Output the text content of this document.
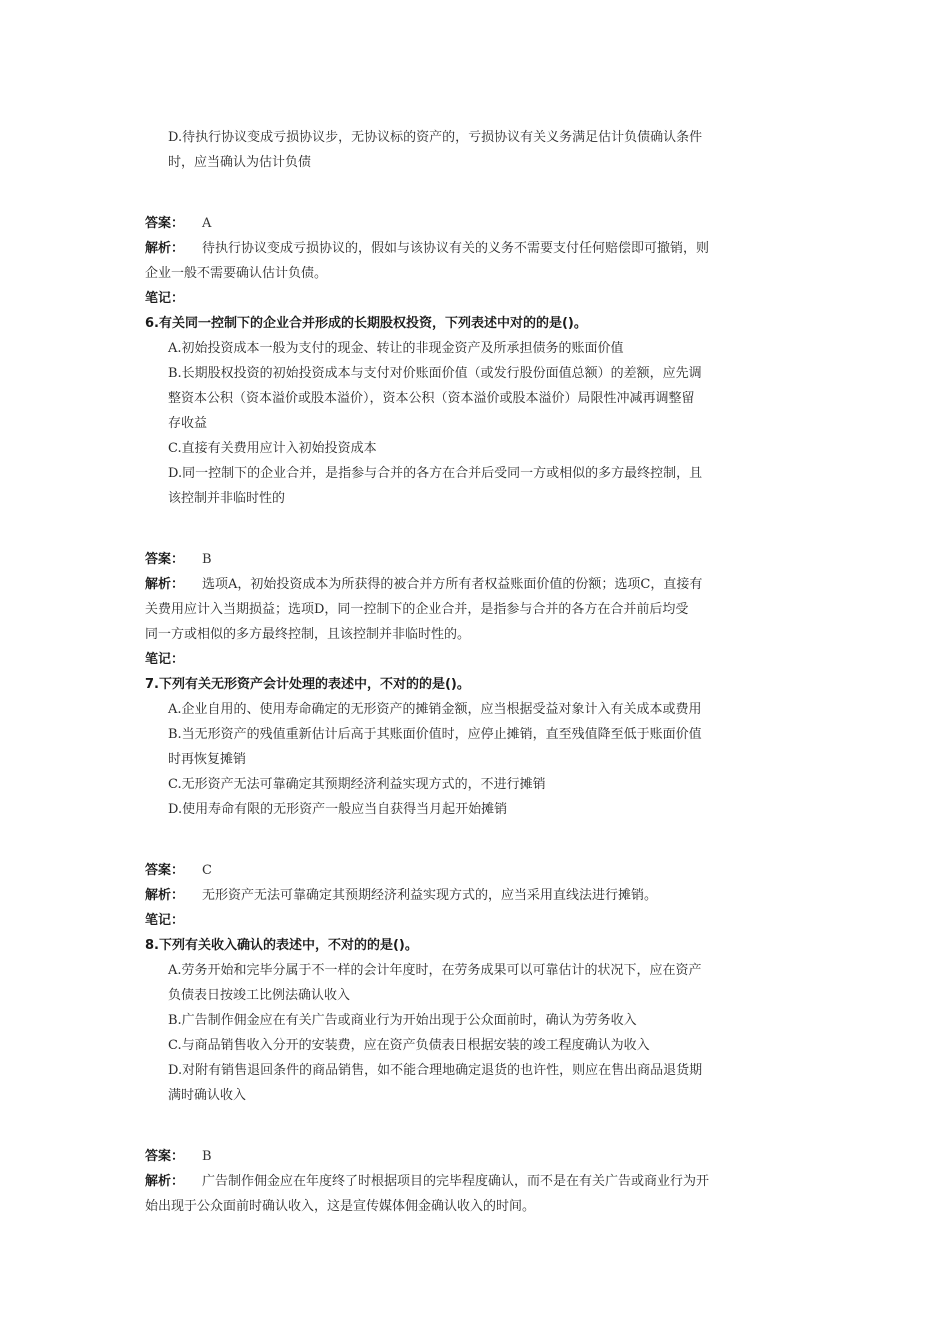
D.待执行协议变成亏损协议步，无协议标的资产的，亏损协议有关义务满足估计负债确认条件
时，应当确认为估计负债
答案： A
解析： 待执行协议变成亏损协议的，假如与该协议有关的义务不需要支付任何赔偿即可撤销，则
企业一般不需要确认估计负债。
笔记：
6.有关同一控制下的企业合并形成的长期股权投资，下列表述中对的的是()。
A.初始投资成本一般为支付的现金、转让的非现金资产及所承担债务的账面价值
B.长期股权投资的初始投资成本与支付对价账面价值（或发行股份面值总额）的差额，应先调
整资本公积（资本溢价或股本溢价），资本公积（资本溢价或股本溢价）局限性冲减再调整留
存收益
C.直接有关费用应计入初始投资成本
D.同一控制下的企业合并，是指参与合并的各方在合并后受同一方或相似的多方最终控制，且
该控制并非临时性的
答案： B
解析： 选项A，初始投资成本为所获得的被合并方所有者权益账面价值的份额；选项C，直接有
关费用应计入当期损益；选项D，同一控制下的企业合并，是指参与合并的各方在合并前后均受
同一方或相似的多方最终控制，且该控制并非临时性的。
笔记：
7.下列有关无形资产会计处理的表述中，不对的的是()。
A.企业自用的、使用寿命确定的无形资产的摊销金额，应当根据受益对象计入有关成本或费用
B.当无形资产的残值重新估计后高于其账面价值时，应停止摊销，直至残值降至低于账面价值
时再恢复摊销
C.无形资产无法可靠确定其预期经济利益实现方式的，不进行摊销
D.使用寿命有限的无形资产一般应当自获得当月起开始摊销
答案： C
解析： 无形资产无法可靠确定其预期经济利益实现方式的，应当采用直线法进行摊销。
笔记：
8.下列有关收入确认的表述中，不对的的是()。
A.劳务开始和完毕分属于不一样的会计年度时，在劳务成果可以可靠估计的状况下，应在资产
负债表日按竣工比例法确认收入
B.广告制作佣金应在有关广告或商业行为开始出现于公众面前时，确认为劳务收入
C.与商品销售收入分开的安装费，应在资产负债表日根据安装的竣工程度确认为收入
D.对附有销售退回条件的商品销售，如不能合理地确定退货的也许性，则应在售出商品退货期
满时确认收入
答案： B
解析： 广告制作佣金应在年度终了时根据项目的完毕程度确认，而不是在有关广告或商业行为开
始出现于公众面前时确认收入，这是宣传媒体佣金确认收入的时间。
